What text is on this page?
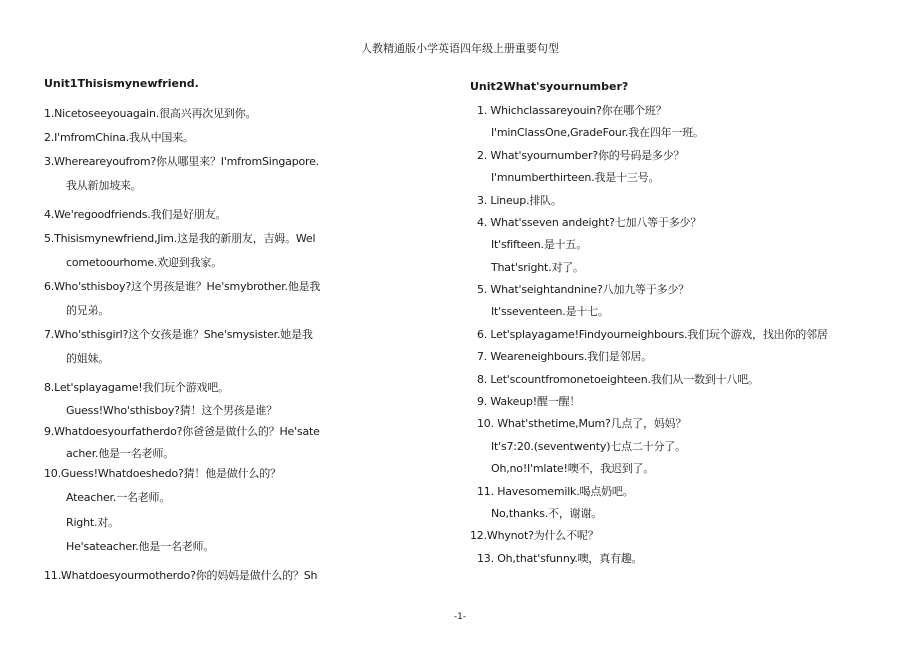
人教精通版小学英语四年级上册重要句型
Unit1Thisismynewfriend.
1.Nicetoseeyouagain.很高兴再次见到你。
2.I'mfromChina.我从中国来。
3.Whereareyoufrom?你从哪里来？I'mfromSingapore.
我从新加坡来。
4.We'regoodfriends.我们是好朋友。
5.Thisismynewfriend,Jim.这是我的新朋友，吉姆。Wel
cometoourhome.欢迎到我家。
6.Who'sthisboy?这个男孩是谁？He'smybrother.他是我
的兄弟。
7.Who'sthisgirl?这个女孩是谁？She'smysister.她是我
的姐妹。
8.Let'splayagame!我们玩个游戏吧。
Guess!Who'sthisboy?猜！这个男孩是谁？
9.Whatdoesyourfatherdo?你爸爸是做什么的？He'sate
acher.他是一名老师。
10.Guess!Whatdoeshedo?猜！他是做什么的？
Ateacher.一名老师。
Right.对。
He'sateacher.他是一名老师。
11.Whatdoesyourmotherdo?你的妈妈是做什么的？Sh
Unit2What'syournumber?
1. Whichclassareyouin?你在哪个班？
I'minClassOne,GradeFour.我在四年一班。
2. What'syournumber?你的号码是多少？
I'mnumberthirteen.我是十三号。
3. Lineup.排队。
4. What'sseven andeight?七加八等于多少？
It'sfifteen.是十五。
That'sright.对了。
5. What'seightandnine?八加九等于多少？
It'sseventeen.是十七。
6. Let'splayagame!Findyourneighbours.我们玩个游戏，找出你的邻居
7. Weareneighbours.我们是邻居。
8. Let'scountfromonetoeighteen.我们从一数到十八吧。
9. Wakeup!醒一醒！
10. What'sthetime,Mum?几点了，妈妈？
It's7:20.(seventwenty)七点二十分了。
Oh,no!I'mlate!噢不，我迟到了。
11. Havesomemilk.喝点奶吧。
No,thanks.不，谢谢。
12.Whynot?为什么不呢？
13. Oh,that'sfunny.噢，真有趣。
-1-
